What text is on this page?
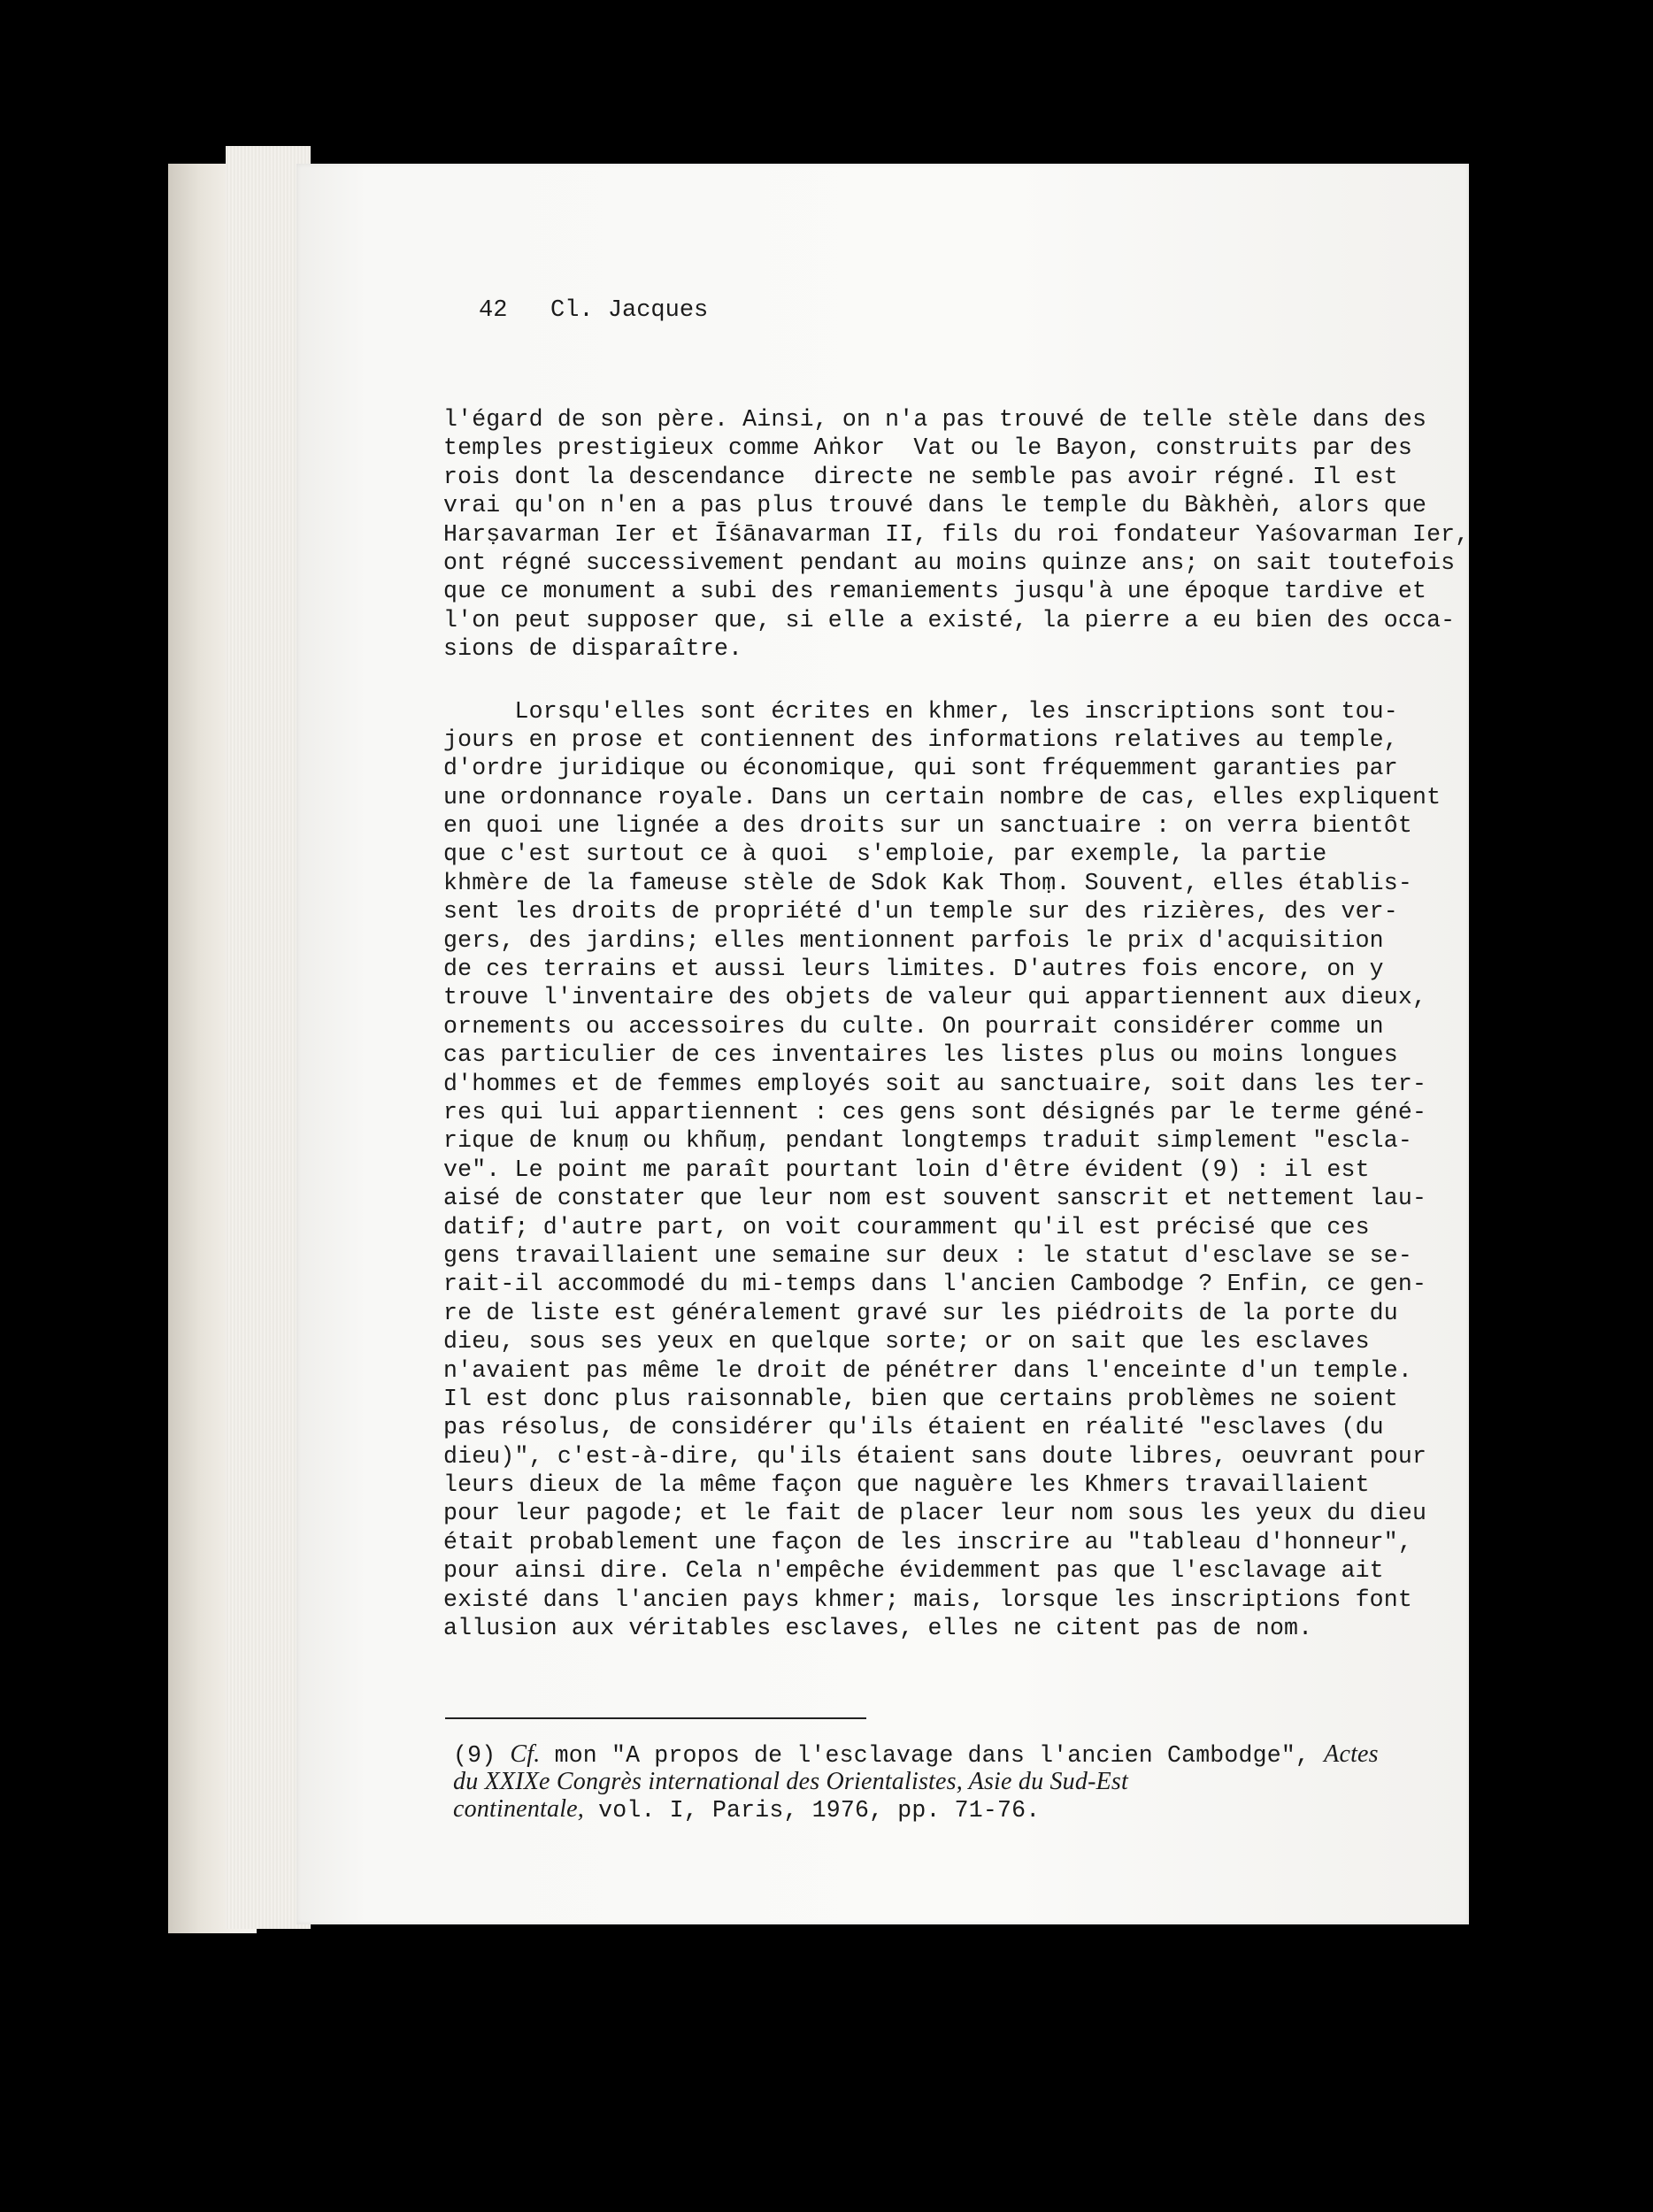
42 Cl. Jacques

l'égard de son père. Ainsi, on n'a pas trouvé de telle stèle dans des
temples prestigieux comme Aṅkor  Vat ou le Bayon, construits par des
rois dont la descendance  directe ne semble pas avoir régné. Il est
vrai qu'on n'en a pas plus trouvé dans le temple du Bàkhèṅ, alors que
Harṣavarman Ier et Īśānavarman II, fils du roi fondateur Yaśovarman Ier,
ont régné successivement pendant au moins quinze ans; on sait toutefois
que ce monument a subi des remaniements jusqu'à une époque tardive et
l'on peut supposer que, si elle a existé, la pierre a eu bien des occa-
sions de disparaître.

Lorsqu'elles sont écrites en khmer, les inscriptions sont tou-
jours en prose et contiennent des informations relatives au temple,
d'ordre juridique ou économique, qui sont fréquemment garanties par
une ordonnance royale. Dans un certain nombre de cas, elles expliquent
en quoi une lignée a des droits sur un sanctuaire : on verra bientôt
que c'est surtout ce à quoi  s'emploie, par exemple, la partie
khmère de la fameuse stèle de Sdok Kak Thoṃ. Souvent, elles établis-
sent les droits de propriété d'un temple sur des rizières, des ver-
gers, des jardins; elles mentionnent parfois le prix d'acquisition
de ces terrains et aussi leurs limites. D'autres fois encore, on y
trouve l'inventaire des objets de valeur qui appartiennent aux dieux,
ornements ou accessoires du culte. On pourrait considérer comme un
cas particulier de ces inventaires les listes plus ou moins longues
d'hommes et de femmes employés soit au sanctuaire, soit dans les ter-
res qui lui appartiennent : ces gens sont désignés par le terme géné-
rique de knuṃ ou khñuṃ, pendant longtemps traduit simplement "escla-
ve". Le point me paraît pourtant loin d'être évident (9) : il est
aisé de constater que leur nom est souvent sanscrit et nettement lau-
datif; d'autre part, on voit couramment qu'il est précisé que ces
gens travaillaient une semaine sur deux : le statut d'esclave se se-
rait-il accommodé du mi-temps dans l'ancien Cambodge ? Enfin, ce gen-
re de liste est généralement gravé sur les piédroits de la porte du
dieu, sous ses yeux en quelque sorte; or on sait que les esclaves
n'avaient pas même le droit de pénétrer dans l'enceinte d'un temple.
Il est donc plus raisonnable, bien que certains problèmes ne soient
pas résolus, de considérer qu'ils étaient en réalité "esclaves (du
dieu)", c'est-à-dire, qu'ils étaient sans doute libres, oeuvrant pour
leurs dieux de la même façon que naguère les Khmers travaillaient
pour leur pagode; et le fait de placer leur nom sous les yeux du dieu
était probablement une façon de les inscrire au "tableau d'honneur",
pour ainsi dire. Cela n'empêche évidemment pas que l'esclavage ait
existé dans l'ancien pays khmer; mais, lorsque les inscriptions font
allusion aux véritables esclaves, elles ne citent pas de nom.

(9) Cf. mon "A propos de l'esclavage dans l'ancien Cambodge", Actes
du XXIXe Congrès international des Orientalistes, Asie du Sud-Est
continentale, vol. I, Paris, 1976, pp. 71-76.
